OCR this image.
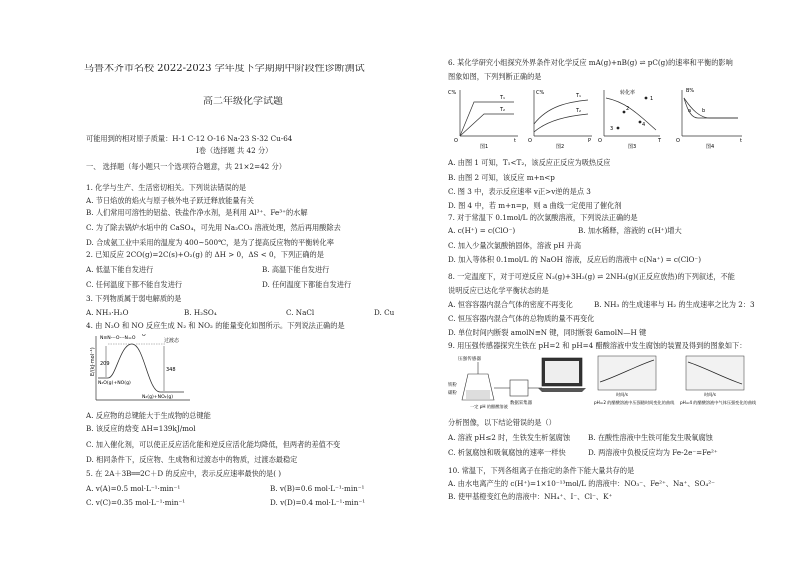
乌鲁木齐市名校 2022-2023 学年度下学期期中阶段性诊断测试
高二年级化学试题
可能用到的相对原子质量：H-1 C-12 O-16 Na-23 S-32 Cu-64
Ⅰ卷（选择题 共 42 分）
一、 选择题（每小题只一个选项符合题意，共 21×2=42 分）
1. 化学与生产、生活密切相关。下列说法错误的是
A. 节日焰放的焰火与原子核外电子跃迁释放能量有关
B. 人们常用可溶性的铝盐、铁盐作净水剂，是利用 Al³⁺、Fe³⁺的水解
C. 为了除去锅炉水垢中的 CaSO₄，可先用 Na₂CO₃ 溶液处理，然后再用酸除去
D. 合成氨工业中采用的温度为 400~500℃，是为了提高反应物的平衡转化率
2. 已知反应 2CO(g)=2C(s)+O₂(g) 的 ΔH > 0，ΔS < 0，下列正确的是
A. 低温下能自发进行	B. 高温下能自发进行
C. 任何温度下都不能自发进行	D. 任何温度下都能自发进行
3. 下列物质属于弱电解质的是
A. NH₃·H₂O	B. H₂SO₄	C. NaCl	D. Cu
4. 由 N₂O 和 NO 反应生成 N₂ 和 NO₂ 的能量变化如图所示。下列说法正确的是
E/(kJ·mol⁻¹) 209
348
过渡态
N≡N---O---N=O
O
N₂O(g)+NO(g)
N₂(g)+NO₂(g)
A. 反应物的总键能大于生成物的总键能
B. 该反应的焓变 ΔH=139kJ/mol
C. 加入催化剂，可以使正反应活化能和逆反应活化能均降低，但两者的差值不变
D. 相同条件下，反应物、生成物和过渡态中的物质，过渡态最稳定
5. 在 2A＋3B══2C＋D 的反应中，表示反应速率最快的是( )
A. v(A)=0.5 mol·L⁻¹·min⁻¹	B. v(B)=0.6 mol·L⁻¹·min⁻¹
C. v(C)=0.35 mol·L⁻¹·min⁻¹	D. v(D)=0.4 mol·L⁻¹·min⁻¹
6. 某化学研究小组探究外界条件对化学反应 mA(g)+nB(g) ⇌ pC(g)的速率和平衡的影响
图象如图，下列判断正确的是
C%
T₁
T₂
t
O
图1
C%	T₁
T₂
P
O
图2
转化率
1
2
3
4
T
O
图3
B%
a b
t
O
图4
A. 由图 1 可知，T₁<T₂，该反应正反应为吸热反应
B. 由图 2 可知，该反应 m+n<p
C. 图 3 中，表示反应速率 v正>v逆的是点 3
D. 图 4 中，若 m+n=p，则 a 曲线一定使用了催化剂
7. 对于常温下 0.1mol/L 的次氯酸溶液，下列说法正确的是
A. c(H⁺) = c(ClO⁻)	B. 加水稀释，溶液的 c(H⁺)增大
C. 加入少量次氯酸钠固体，溶液 pH 升高
D. 加入等体积 0.1mol/L 的 NaOH 溶液，反应后的溶液中 c(Na⁺) = c(ClO⁻)
8. 一定温度下，对于可逆反应 N₂(g)+3H₂(g) ⇌ 2NH₃(g)(正反应放热)的下列叙述，不能
说明反应已达化学平衡状态的是
A. 恒容容器内混合气体的密度不再变化	B. NH₃ 的生成速率与 H₂ 的生成速率之比为 2：3
C. 恒压容器内混合气体的总物质的量不再变化
D. 单位时间内断裂 amolN≡N 键，同时断裂 6amolN—H 键
9. 用压强传感器探究生铁在 pH=2 和 pH=4 醋酸溶液中发生腐蚀的装置及得到的图象如下：
压强传感器
铁粉
碳粉
一定 pH 的醋酸溶液
数据采集器
时间/s
pH=2 的醋酸溶液中压强随时间变化的曲线
时间/s
pH=4 的醋酸溶液中气体压强变化的曲线
分析图像，以下结论错误的是（）
A. 溶液 pH≤2 时，生铁发生析氢腐蚀 B. 在酸性溶液中生铁可能发生吸氧腐蚀
C. 析氢腐蚀和吸氧腐蚀的速率一样快	D. 两溶液中负极反应均为 Fe-2e⁻=Fe²⁺
10. 常温下，下列各组离子在指定的条件下能大量共存的是
A. 由水电离产生的 c(H⁺)=1×10⁻¹³mol/L 的溶液中：NO₃⁻、Fe²⁺、Na⁺、SO₄²⁻
B. 使甲基橙变红色的溶液中：NH₄⁺、I⁻、Cl⁻、K⁺
